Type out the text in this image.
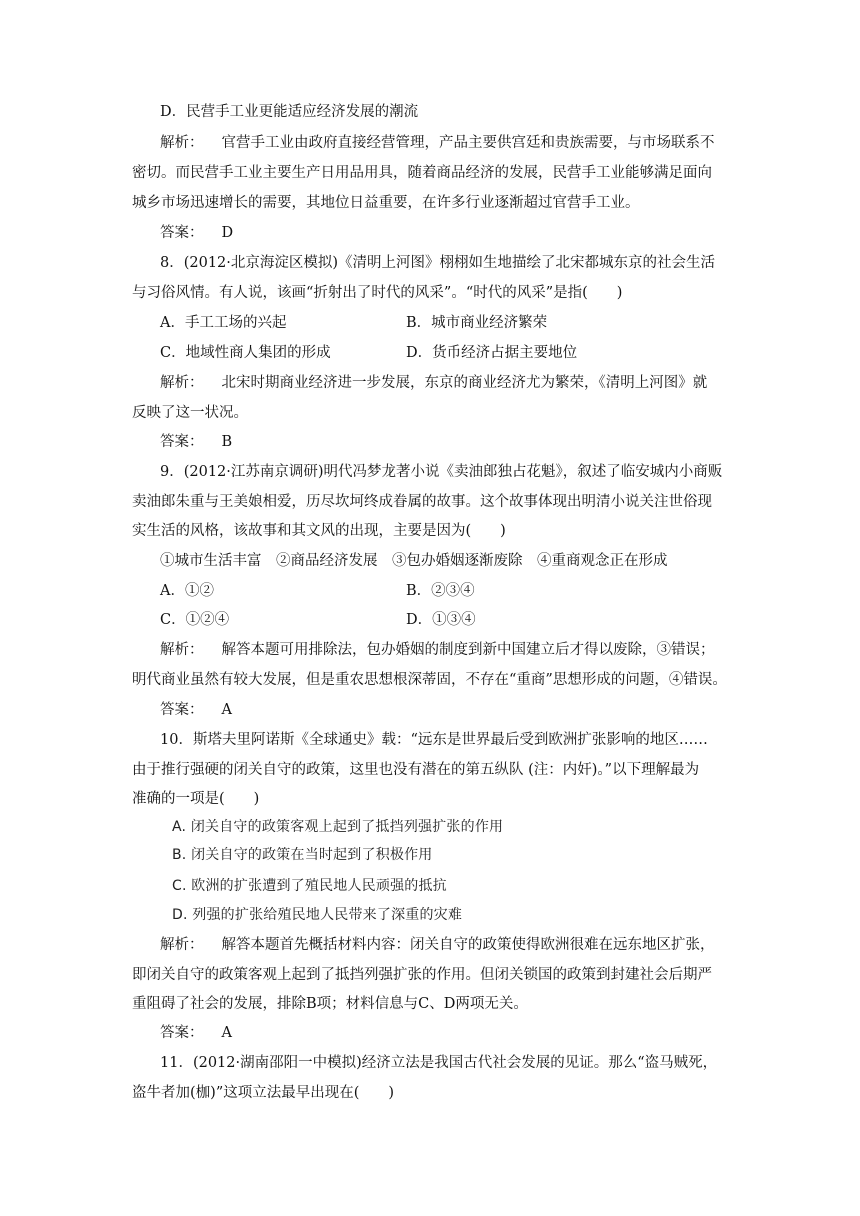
D．民营手工业更能适应经济发展的潮流
解析： 官营手工业由政府直接经营管理，产品主要供宫廷和贵族需要，与市场联系不
密切。而民营手工业主要生产日用品用具，随着商品经济的发展，民营手工业能够满足面向
城乡市场迅速增长的需要，其地位日益重要，在许多行业逐渐超过官营手工业。
答案： D
8．(2012·北京海淀区模拟)《清明上河图》栩栩如生地描绘了北宋都城东京的社会生活
与习俗风情。有人说，该画“折射出了时代的风采”。“时代的风采”是指(　　)
A．手工工场的兴起	B．城市商业经济繁荣
C．地域性商人集团的形成	D．货币经济占据主要地位
解析： 北宋时期商业经济进一步发展，东京的商业经济尤为繁荣，《清明上河图》就
反映了这一状况。
答案： B
9．(2012·江苏南京调研)明代冯梦龙著小说《卖油郎独占花魁》，叙述了临安城内小商贩
卖油郎朱重与王美娘相爱，历尽坎坷终成眷属的故事。这个故事体现出明清小说关注世俗现
实生活的风格，该故事和其文风的出现，主要是因为(　　)
①城市生活丰富　②商品经济发展　③包办婚姻逐渐废除　④重商观念正在形成
A．①②	B．②③④
C．①②④	D．①③④
解析： 解答本题可用排除法，包办婚姻的制度到新中国建立后才得以废除，③错误；
明代商业虽然有较大发展，但是重农思想根深蒂固，不存在“重商”思想形成的问题，④错误。
答案： A
10．斯塔夫里阿诺斯《全球通史》载：“远东是世界最后受到欧洲扩张影响的地区……
由于推行强硬的闭关自守的政策，这里也没有潜在的第五纵队 (注：内奸)。”以下理解最为
准确的一项是(　　)
A. 闭关自守的政策客观上起到了抵挡列强扩张的作用
B. 闭关自守的政策在当时起到了积极作用
C. 欧洲的扩张遭到了殖民地人民顽强的抵抗
D. 列强的扩张给殖民地人民带来了深重的灾难
解析： 解答本题首先概括材料内容：闭关自守的政策使得欧洲很难在远东地区扩张，
即闭关自守的政策客观上起到了抵挡列强扩张的作用。但闭关锁国的政策到封建社会后期严
重阻碍了社会的发展，排除B项；材料信息与C、D两项无关。
答案： A
11．(2012·湖南邵阳一中模拟)经济立法是我国古代社会发展的见证。那么“盗马贼死，
盗牛者加(枷)”这项立法最早出现在(　　)
